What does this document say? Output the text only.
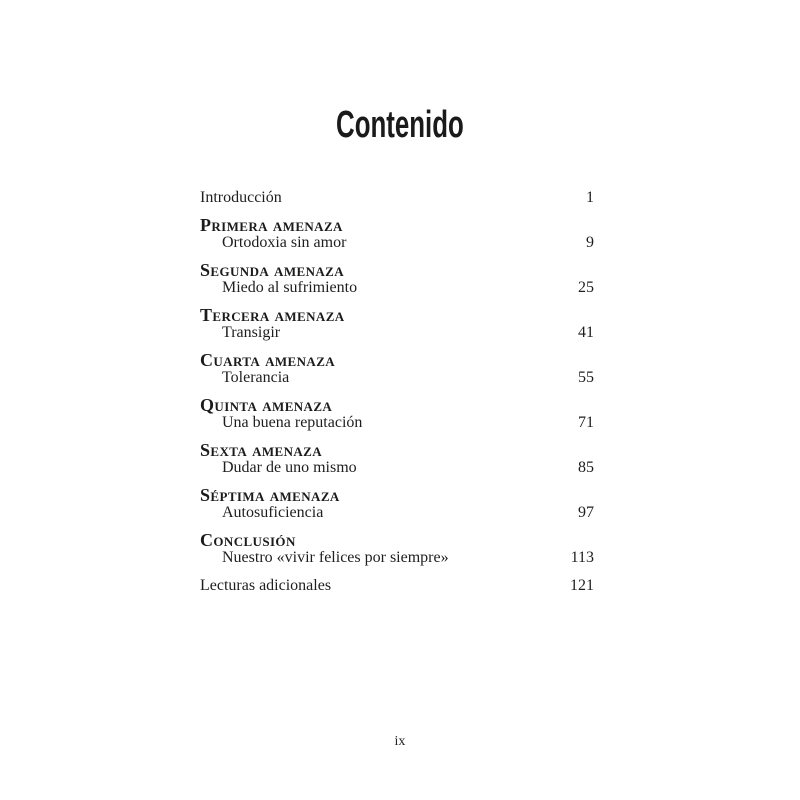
Contenido
Introducción	1
Primera amenaza
Ortodoxia sin amor	9
Segunda amenaza
Miedo al sufrimiento	25
Tercera amenaza
Transigir	41
Cuarta amenaza
Tolerancia	55
Quinta amenaza
Una buena reputación	71
Sexta amenaza
Dudar de uno mismo	85
Séptima amenaza
Autosuficiencia	97
Conclusión
Nuestro «vivir felices por siempre»	113
Lecturas adicionales	121
ix
